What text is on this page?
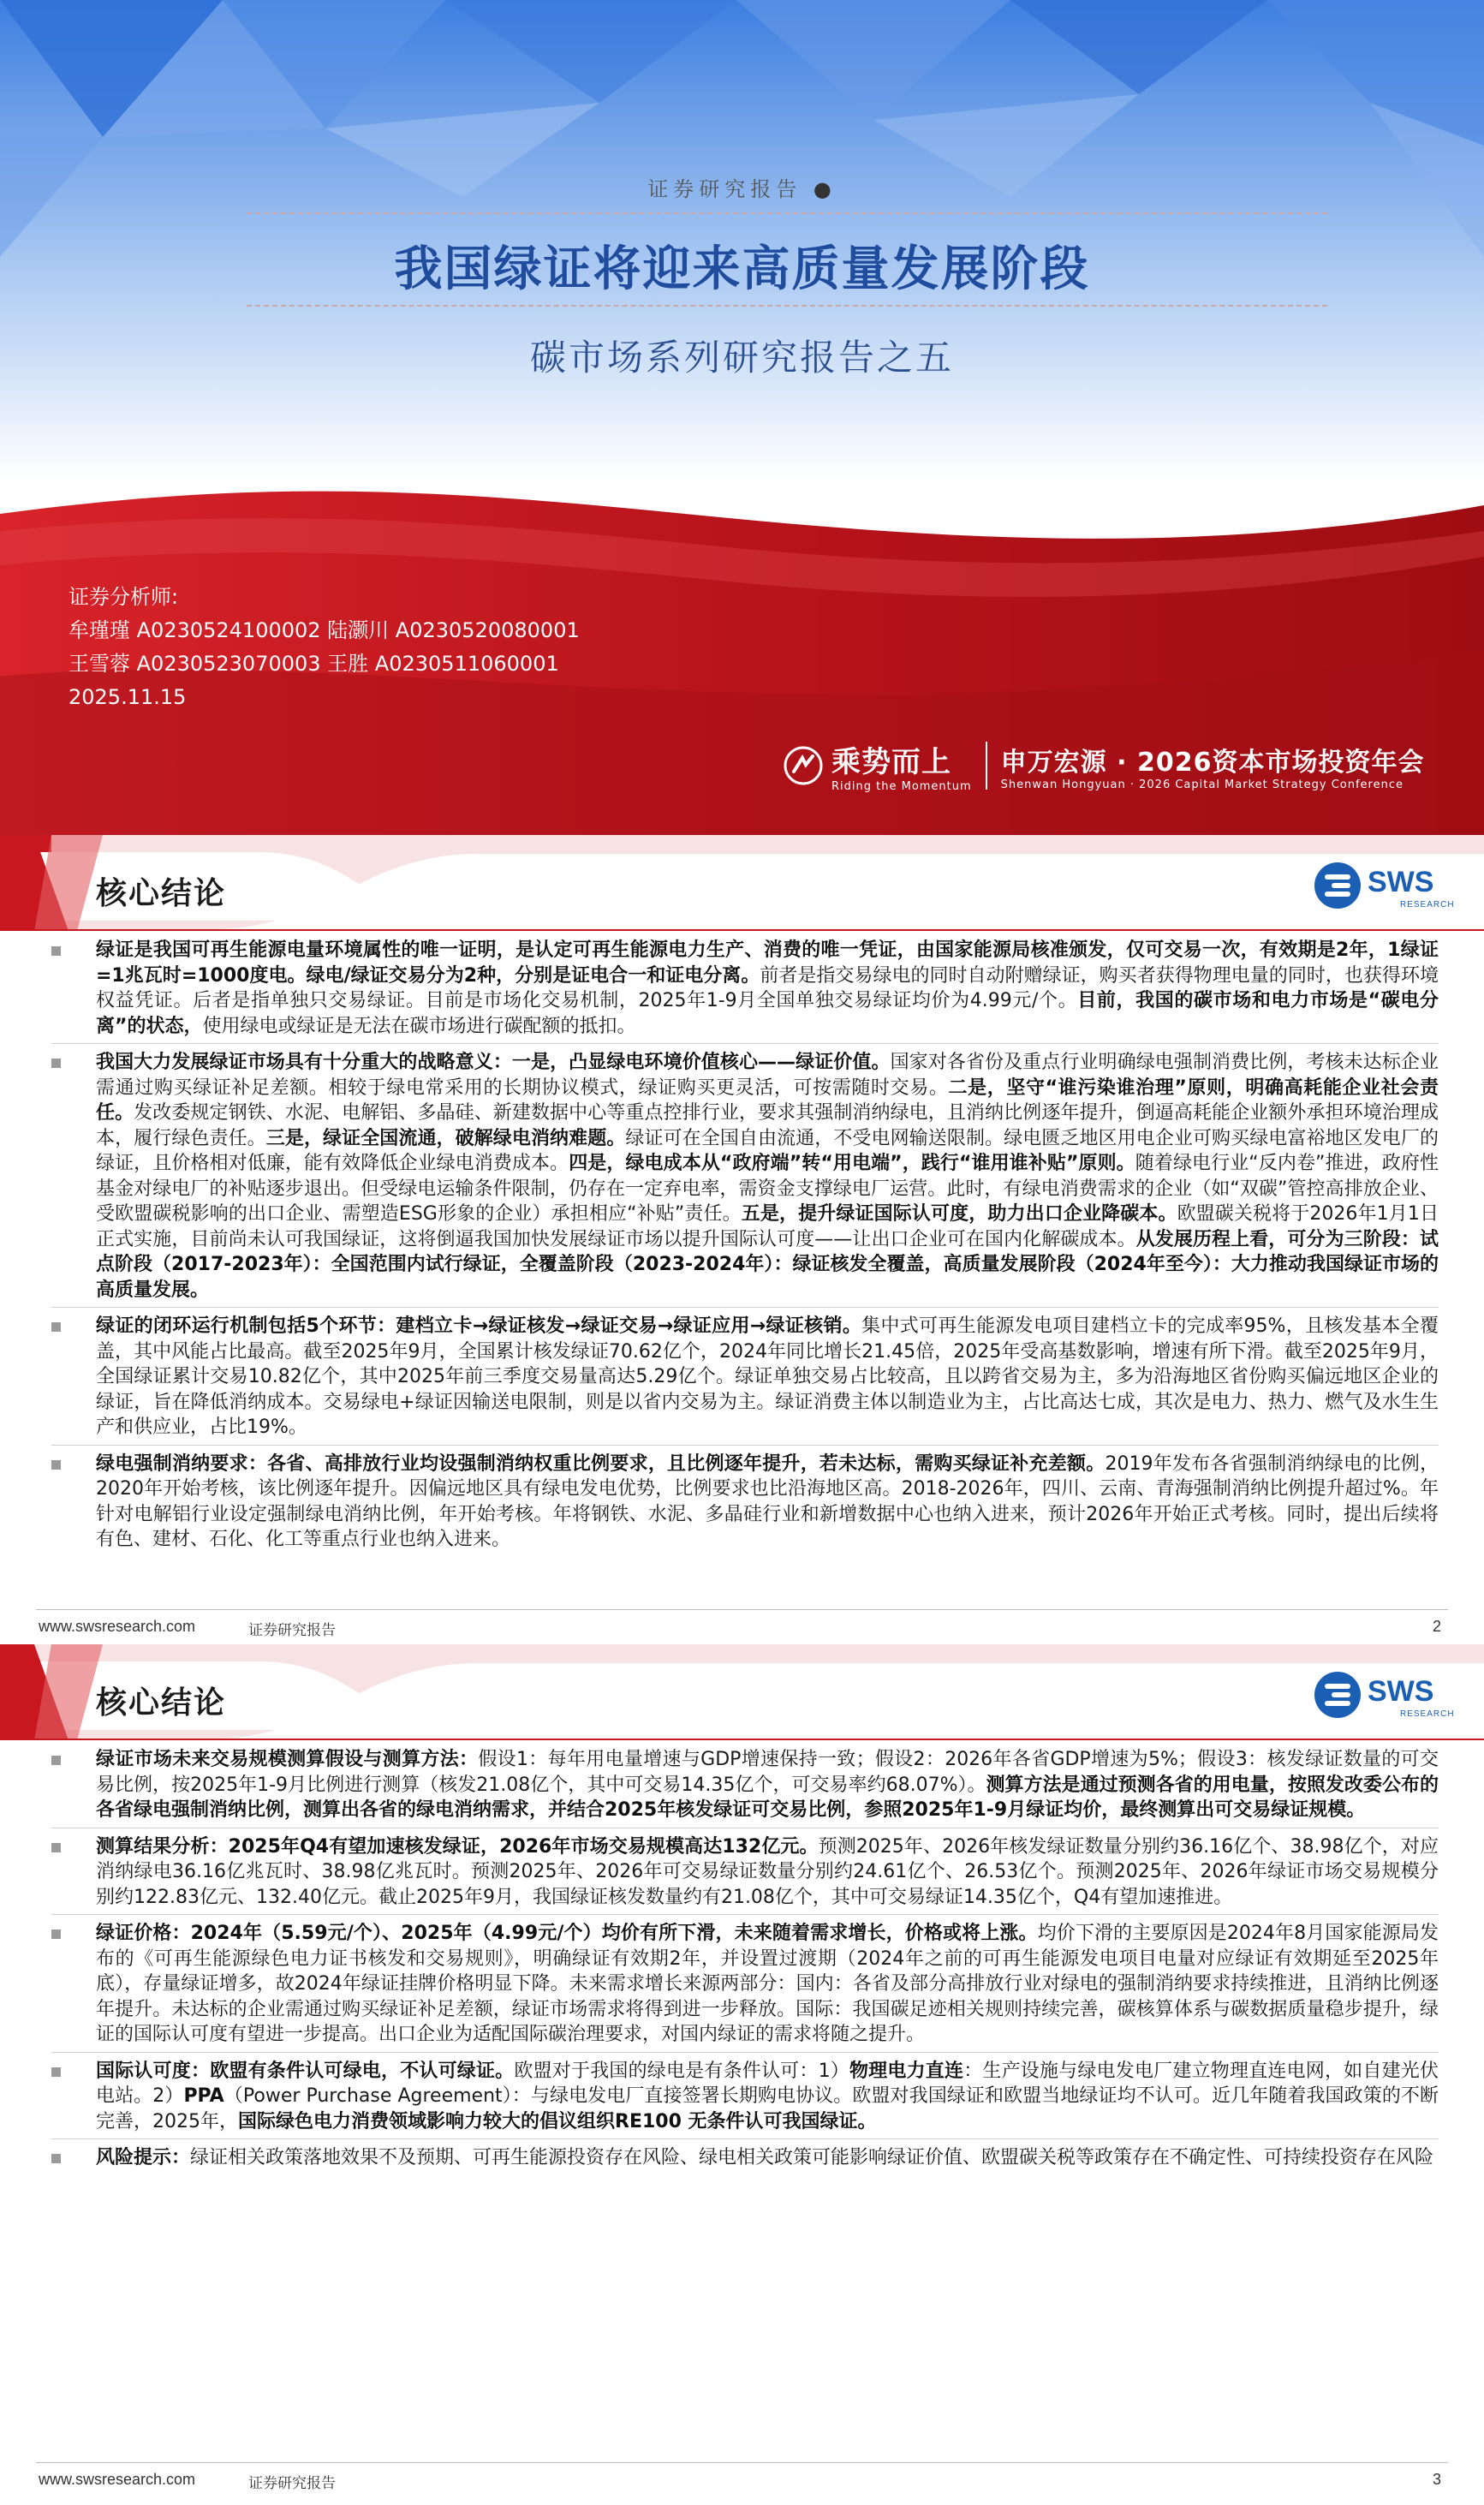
证券研究报告 ●
我国绿证将迎来高质量发展阶段
碳市场系列研究报告之五
证券分析师:
牟瑾瑾 A0230524100002 陆灏川 A0230520080001
王雪蓉 A0230523070003 王胜 A0230511060001
2025.11.15
乘势而上
Riding the Momentum
申万宏源 · 2026资本市场投资年会
Shenwan Hongyuan · 2026 Capital Market Strategy Conference
核心结论	SWS
RESEARCH
绿证是我国可再生能源电量环境属性的唯一证明，是认定可再生能源电力生产、消费的唯一凭证，由国家能源局核准颁发，仅可交易一次，有效期是2年，1绿证=1兆瓦时=1000度电。绿电/绿证交易分为2种，分别是证电合一和证电分离。前者是指交易绿电的同时自动附赠绿证，购买者获得物理电量的同时，也获得环境权益凭证。后者是指单独只交易绿证。目前是市场化交易机制，2025年1-9月全国单独交易绿证均价为4.99元/个。目前，我国的碳市场和电力市场是“碳电分离”的状态，使用绿电或绿证是无法在碳市场进行碳配额的抵扣。
我国大力发展绿证市场具有十分重大的战略意义：一是，凸显绿电环境价值核心——绿证价值。国家对各省份及重点行业明确绿电强制消费比例，考核未达标企业需通过购买绿证补足差额。相较于绿电常采用的长期协议模式，绿证购买更灵活，可按需随时交易。二是，坚守“谁污染谁治理”原则，明确高耗能企业社会责任。发改委规定钢铁、水泥、电解铝、多晶硅、新建数据中心等重点控排行业，要求其强制消纳绿电，且消纳比例逐年提升，倒逼高耗能企业额外承担环境治理成本，履行绿色责任。三是，绿证全国流通，破解绿电消纳难题。绿证可在全国自由流通，不受电网输送限制。绿电匮乏地区用电企业可购买绿电富裕地区发电厂的绿证，且价格相对低廉，能有效降低企业绿电消费成本。四是，绿电成本从“政府端”转“用电端”，践行“谁用谁补贴”原则。随着绿电行业“反内卷”推进，政府性基金对绿电厂的补贴逐步退出。但受绿电运输条件限制，仍存在一定弃电率，需资金支撑绿电厂运营。此时，有绿电消费需求的企业（如“双碳”管控高排放企业、受欧盟碳税影响的出口企业、需塑造ESG形象的企业）承担相应“补贴”责任。五是，提升绿证国际认可度，助力出口企业降碳本。欧盟碳关税将于2026年1月1日正式实施，目前尚未认可我国绿证，这将倒逼我国加快发展绿证市场以提升国际认可度——让出口企业可在国内化解碳成本。从发展历程上看，可分为三阶段：试点阶段（2017-2023年）：全国范围内试行绿证，全覆盖阶段（2023-2024年）：绿证核发全覆盖，高质量发展阶段（2024年至今）：大力推动我国绿证市场的高质量发展。
绿证的闭环运行机制包括5个环节：建档立卡→绿证核发→绿证交易→绿证应用→绿证核销。集中式可再生能源发电项目建档立卡的完成率95%，且核发基本全覆盖，其中风能占比最高。截至2025年9月，全国累计核发绿证70.62亿个，2024年同比增长21.45倍，2025年受高基数影响，增速有所下滑。截至2025年9月，全国绿证累计交易10.82亿个，其中2025年前三季度交易量高达5.29亿个。绿证单独交易占比较高，且以跨省交易为主，多为沿海地区省份购买偏远地区企业的绿证，旨在降低消纳成本。交易绿电+绿证因输送电限制，则是以省内交易为主。绿证消费主体以制造业为主，占比高达七成，其次是电力、热力、燃气及水生生产和供应业，占比19%。
绿电强制消纳要求：各省、高排放行业均设强制消纳权重比例要求，且比例逐年提升，若未达标，需购买绿证补充差额。2019年发布各省强制消纳绿电的比例，2020年开始考核，该比例逐年提升。因偏远地区具有绿电发电优势，比例要求也比沿海地区高。2018-2026年，四川、云南、青海强制消纳比例提升超过%。年针对电解铝行业设定强制绿电消纳比例，年开始考核。年将钢铁、水泥、多晶硅行业和新增数据中心也纳入进来，预计2026年开始正式考核。同时，提出后续将有色、建材、石化、化工等重点行业也纳入进来。
www.swsresearch.com	证券研究报告	2
核心结论	SWS
RESEARCH
绿证市场未来交易规模测算假设与测算方法：假设1：每年用电量增速与GDP增速保持一致；假设2：2026年各省GDP增速为5%；假设3：核发绿证数量的可交易比例，按2025年1-9月比例进行测算（核发21.08亿个，其中可交易14.35亿个，可交易率约68.07%）。测算方法是通过预测各省的用电量，按照发改委公布的各省绿电强制消纳比例，测算出各省的绿电消纳需求，并结合2025年核发绿证可交易比例，参照2025年1-9月绿证均价，最终测算出可交易绿证规模。
测算结果分析：2025年Q4有望加速核发绿证，2026年市场交易规模高达132亿元。预测2025年、2026年核发绿证数量分别约36.16亿个、38.98亿个，对应消纳绿电36.16亿兆瓦时、38.98亿兆瓦时。预测2025年、2026年可交易绿证数量分别约24.61亿个、26.53亿个。预测2025年、2026年绿证市场交易规模分别约122.83亿元、132.40亿元。截止2025年9月，我国绿证核发数量约有21.08亿个，其中可交易绿证14.35亿个，Q4有望加速推进。
绿证价格：2024年（5.59元/个）、2025年（4.99元/个）均价有所下滑，未来随着需求增长，价格或将上涨。均价下滑的主要原因是2024年8月国家能源局发布的《可再生能源绿色电力证书核发和交易规则》，明确绿证有效期2年，并设置过渡期（2024年之前的可再生能源发电项目电量对应绿证有效期延至2025年底），存量绿证增多，故2024年绿证挂牌价格明显下降。未来需求增长来源两部分：国内：各省及部分高排放行业对绿电的强制消纳要求持续推进，且消纳比例逐年提升。未达标的企业需通过购买绿证补足差额，绿证市场需求将得到进一步释放。国际：我国碳足迹相关规则持续完善，碳核算体系与碳数据质量稳步提升，绿证的国际认可度有望进一步提高。出口企业为适配国际碳治理要求，对国内绿证的需求将随之提升。
国际认可度：欧盟有条件认可绿电，不认可绿证。欧盟对于我国的绿电是有条件认可：1）物理电力直连：生产设施与绿电发电厂建立物理直连电网，如自建光伏电站。2）PPA（Power Purchase Agreement）：与绿电发电厂直接签署长期购电协议。欧盟对我国绿证和欧盟当地绿证均不认可。近几年随着我国政策的不断完善，2025年，国际绿色电力消费领域影响力较大的倡议组织RE100 无条件认可我国绿证。
风险提示：绿证相关政策落地效果不及预期、可再生能源投资存在风险、绿电相关政策可能影响绿证价值、欧盟碳关税等政策存在不确定性、可持续投资存在风险
www.swsresearch.com	证券研究报告	3
